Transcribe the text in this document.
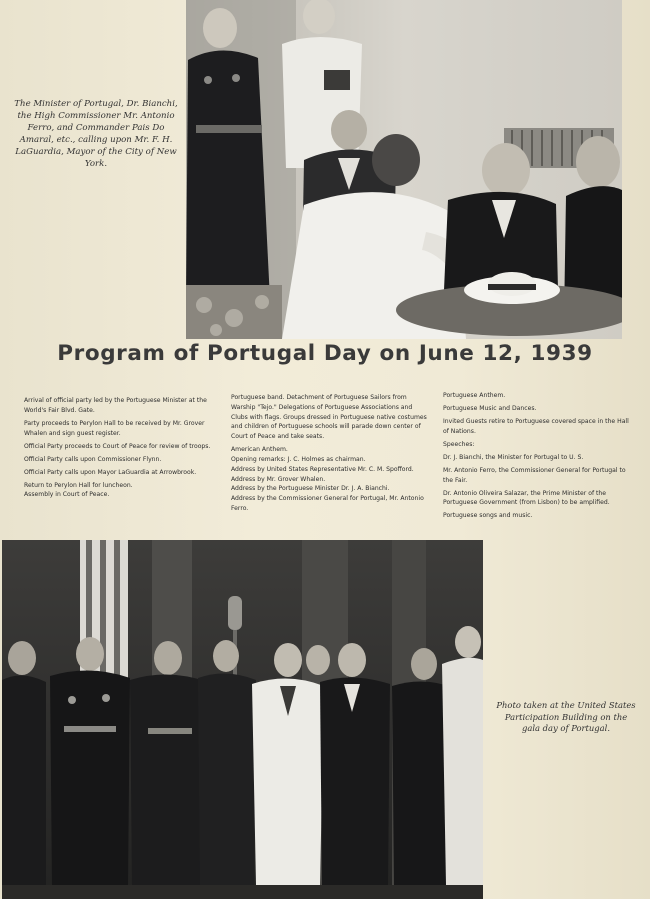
The Minister of Portugal, Dr. Bianchi, the High Commissioner Mr. Antonio Ferro, and Commander Pais Do Amaral, etc., calling upon Mr. F. H. LaGuardia, Mayor of the City of New York.

Program of Portugal Day on June 12, 1939

Arrival of official party led by the Portuguese Minister at the World's Fair Blvd. Gate.

Party proceeds to Perylon Hall to be received by Mr. Grover Whalen and sign guest register.

Official Party proceeds to Court of Peace for review of troops.

Official Party calls upon Commissioner Flynn.

Official Party calls upon Mayor LaGuardia at Arrowbrook.

Return to Perylon Hall for luncheon.

Assembly in Court of Peace.

Portuguese band. Detachment of Portuguese Sailors from Warship "Tejo." Delegations of Portuguese Associations and Clubs with flags. Groups dressed in Portuguese native costumes and children of Portuguese schools will parade down center of Court of Peace and take seats.

American Anthem.

Opening remarks: J. C. Holmes as chairman.

Address by United States Representative Mr. C. M. Spofford.

Address by Mr. Grover Whalen.

Address by the Portuguese Minister Dr. J. A. Bianchi.

Address by the Commissioner General for Portugal, Mr. Antonio Ferro.

Portuguese Anthem.

Portuguese Music and Dances.

Invited Guests retire to Portuguese covered space in the Hall of Nations.

Speeches:

Dr. J. Bianchi, the Minister for Portugal to U. S.

Mr. Antonio Ferro, the Commissioner General for Portugal to the Fair.

Dr. Antonio Oliveira Salazar, the Prime Minister of the Portuguese Government (from Lisbon) to be amplified.

Portuguese songs and music.

Photo taken at the United States Participation Building on the gala day of Portugal.
